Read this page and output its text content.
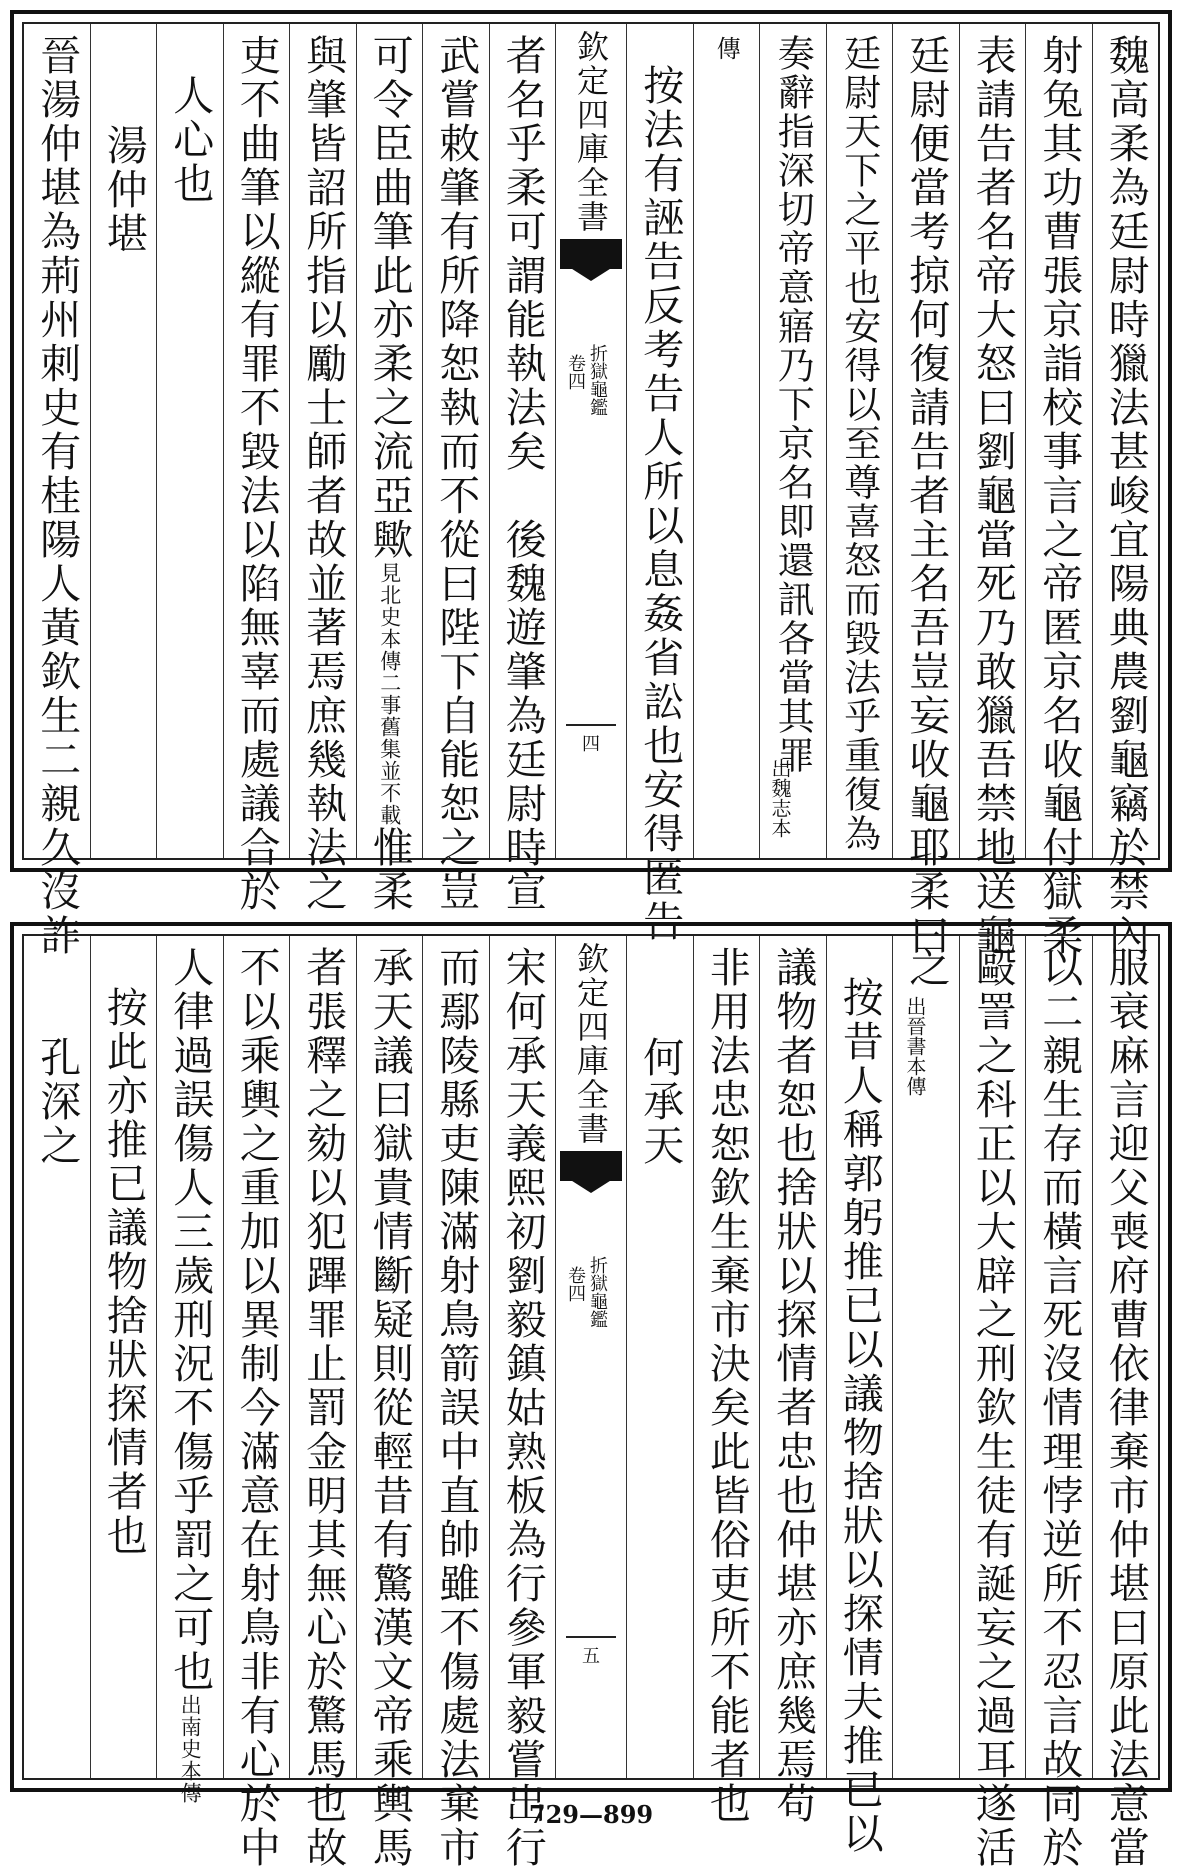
魏高柔為廷尉時獵法甚峻宜陽典農劉龜竊於禁內
射兔其功曹張京詣校事言之帝匿京名收龜付獄柔
表請告者名帝大怒曰劉龜當死乃敢獵吾禁地送龜
廷尉便當考掠何復請告者主名吾豈妄收龜耶柔曰
廷尉天下之平也安得以至尊喜怒而毀法乎重復為
奏辭指深切帝意寤乃下京名即還訊各當其罪
出魏志本
傳
按法有誣告反考告人所以息姦省訟也安得匿告
欽定四庫全書
折獄龜鑑
卷四
四
者名乎柔可謂能執法矣　後魏遊肇為廷尉時宣
武嘗敕肇有所降恕執而不從曰陛下自能恕之豈
可令臣曲筆此亦柔之流亞歟見北史本傳二事舊集並不載惟柔
與肇皆詔所指以勵士師者故並著焉庶幾執法之
吏不曲筆以縱有罪不毀法以陷無辜而處議合於
人心也
湯仲堪
晉湯仲堪為荊州刺史有桂陽人黃欽生二親久沒詐
服衰麻言迎父喪府曹依律棄市仲堪曰原此法意當
以二親生存而橫言死沒情理悖逆所不忍言故同於
毆詈之科正以大辟之刑欽生徒有誕妄之過耳遂活
之
出晉書本傳
按昔人稱郭躬推已以議物捨狀以探情夫推已以
議物者恕也捨狀以探情者忠也仲堪亦庶幾焉苟
非用法忠恕欽生棄市決矣此皆俗吏所不能者也
何承天
欽定四庫全書
折獄龜鑑
卷四
五
宋何承天義熙初劉毅鎮姑熟板為行參軍毅嘗出行
而鄢陵縣吏陳滿射鳥箭誤中直帥雖不傷處法棄市
承天議曰獄貴情斷疑則從輕昔有驚漢文帝乘輿馬
者張釋之劾以犯蹕罪止罰金明其無心於驚馬也故
不以乘輿之重加以異制今滿意在射鳥非有心於中
人律過誤傷人三歲刑況不傷乎罰之可也出南史本傳
按此亦推已議物捨狀探情者也
孔深之
729—899
